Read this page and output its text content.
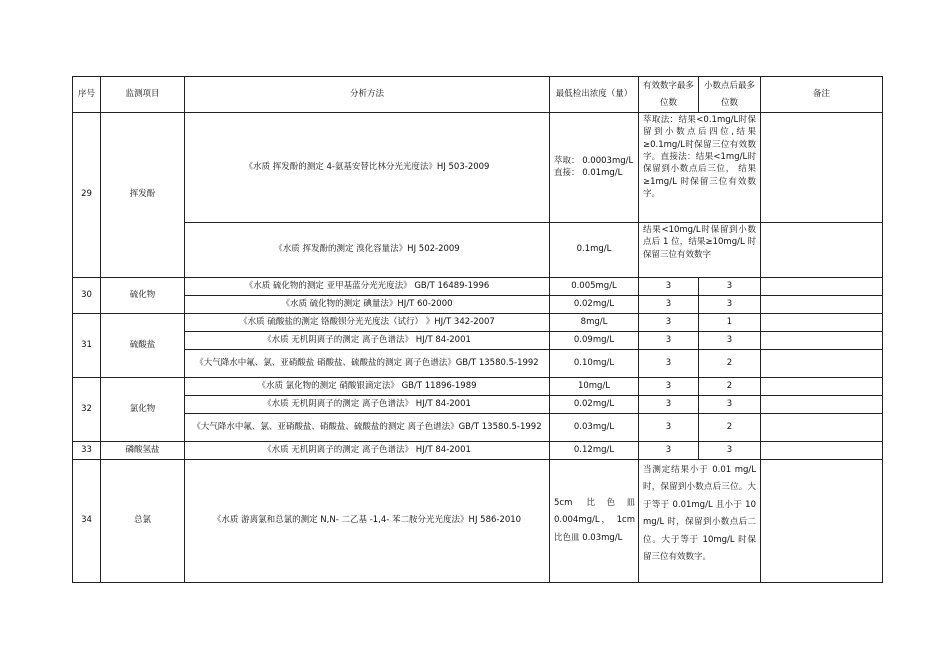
序号	监测项目	分析方法	最低检出浓度（量）	有效数字最多位数	小数点后最多位数	备注
29	挥发酚	《水质 挥发酚的测定 4-氨基安替比林分光光度法》HJ 503-2009	萃取： 0.0003mg/L 直接： 0.01mg/L	萃取法：结果<0.1mg/L时保留到小数点后四位,结果≥0.1mg/L时保留三位有效数字。直接法：结果<1mg/L时保留到小数点后三位， 结果≥1mg/L 时保留三位有效数字。		
		《水质 挥发酚的测定 溴化容量法》HJ 502-2009	0.1mg/L	结果<10mg/L时保留到小数点后 1 位，结果≥10mg/L 时保留三位有效数字		
30	硫化物	《水质 硫化物的测定 亚甲基蓝分光光度法》 GB/T 16489-1996	0.005mg/L	3	3	
		《水质 硫化物的测定 碘量法》HJ/T 60-2000	0.02mg/L	3	3	
31	硫酸盐	《水质 硫酸盐的测定 铬酸钡分光光度法（试行） 》HJ/T 342-2007	8mg/L	3	1	
		《水质 无机阴离子的测定 离子色谱法》 HJ/T 84-2001	0.09mg/L	3	3	
		《大气降水中氟、氯、亚硝酸盐 硝酸盐、硫酸盐的测定 离子色谱法》GB/T 13580.5-1992	0.10mg/L	3	2	
32	氯化物	《水质 氯化物的测定 硝酸银滴定法》 GB/T 11896-1989	10mg/L	3	2	
		《水质 无机阴离子的测定 离子色谱法》 HJ/T 84-2001	0.02mg/L	3	3	
		《大气降水中氟、氯、亚硝酸盐、硝酸盐、硫酸盐的测定 离子色谱法》GB/T 13580.5-1992	0.03mg/L	3	2	
33	磷酸氢盐	《水质 无机阴离子的测定 离子色谱法》 HJ/T 84-2001	0.12mg/L	3	3	
34	总氯	《水质 游离氯和总氯的测定 N,N- 二乙基 -1,4- 苯二胺分光光度法》HJ 586-2010	5cm 比色皿 0.004mg/L， 1cm 比色皿 0.03mg/L	当测定结果小于 0.01 mg/L 时，保留到小数点后三位。大于等于 0.01mg/L 且小于 10 mg/L 时，保留到小数点后二位。大于等于 10mg/L 时保留三位有效数字。		
